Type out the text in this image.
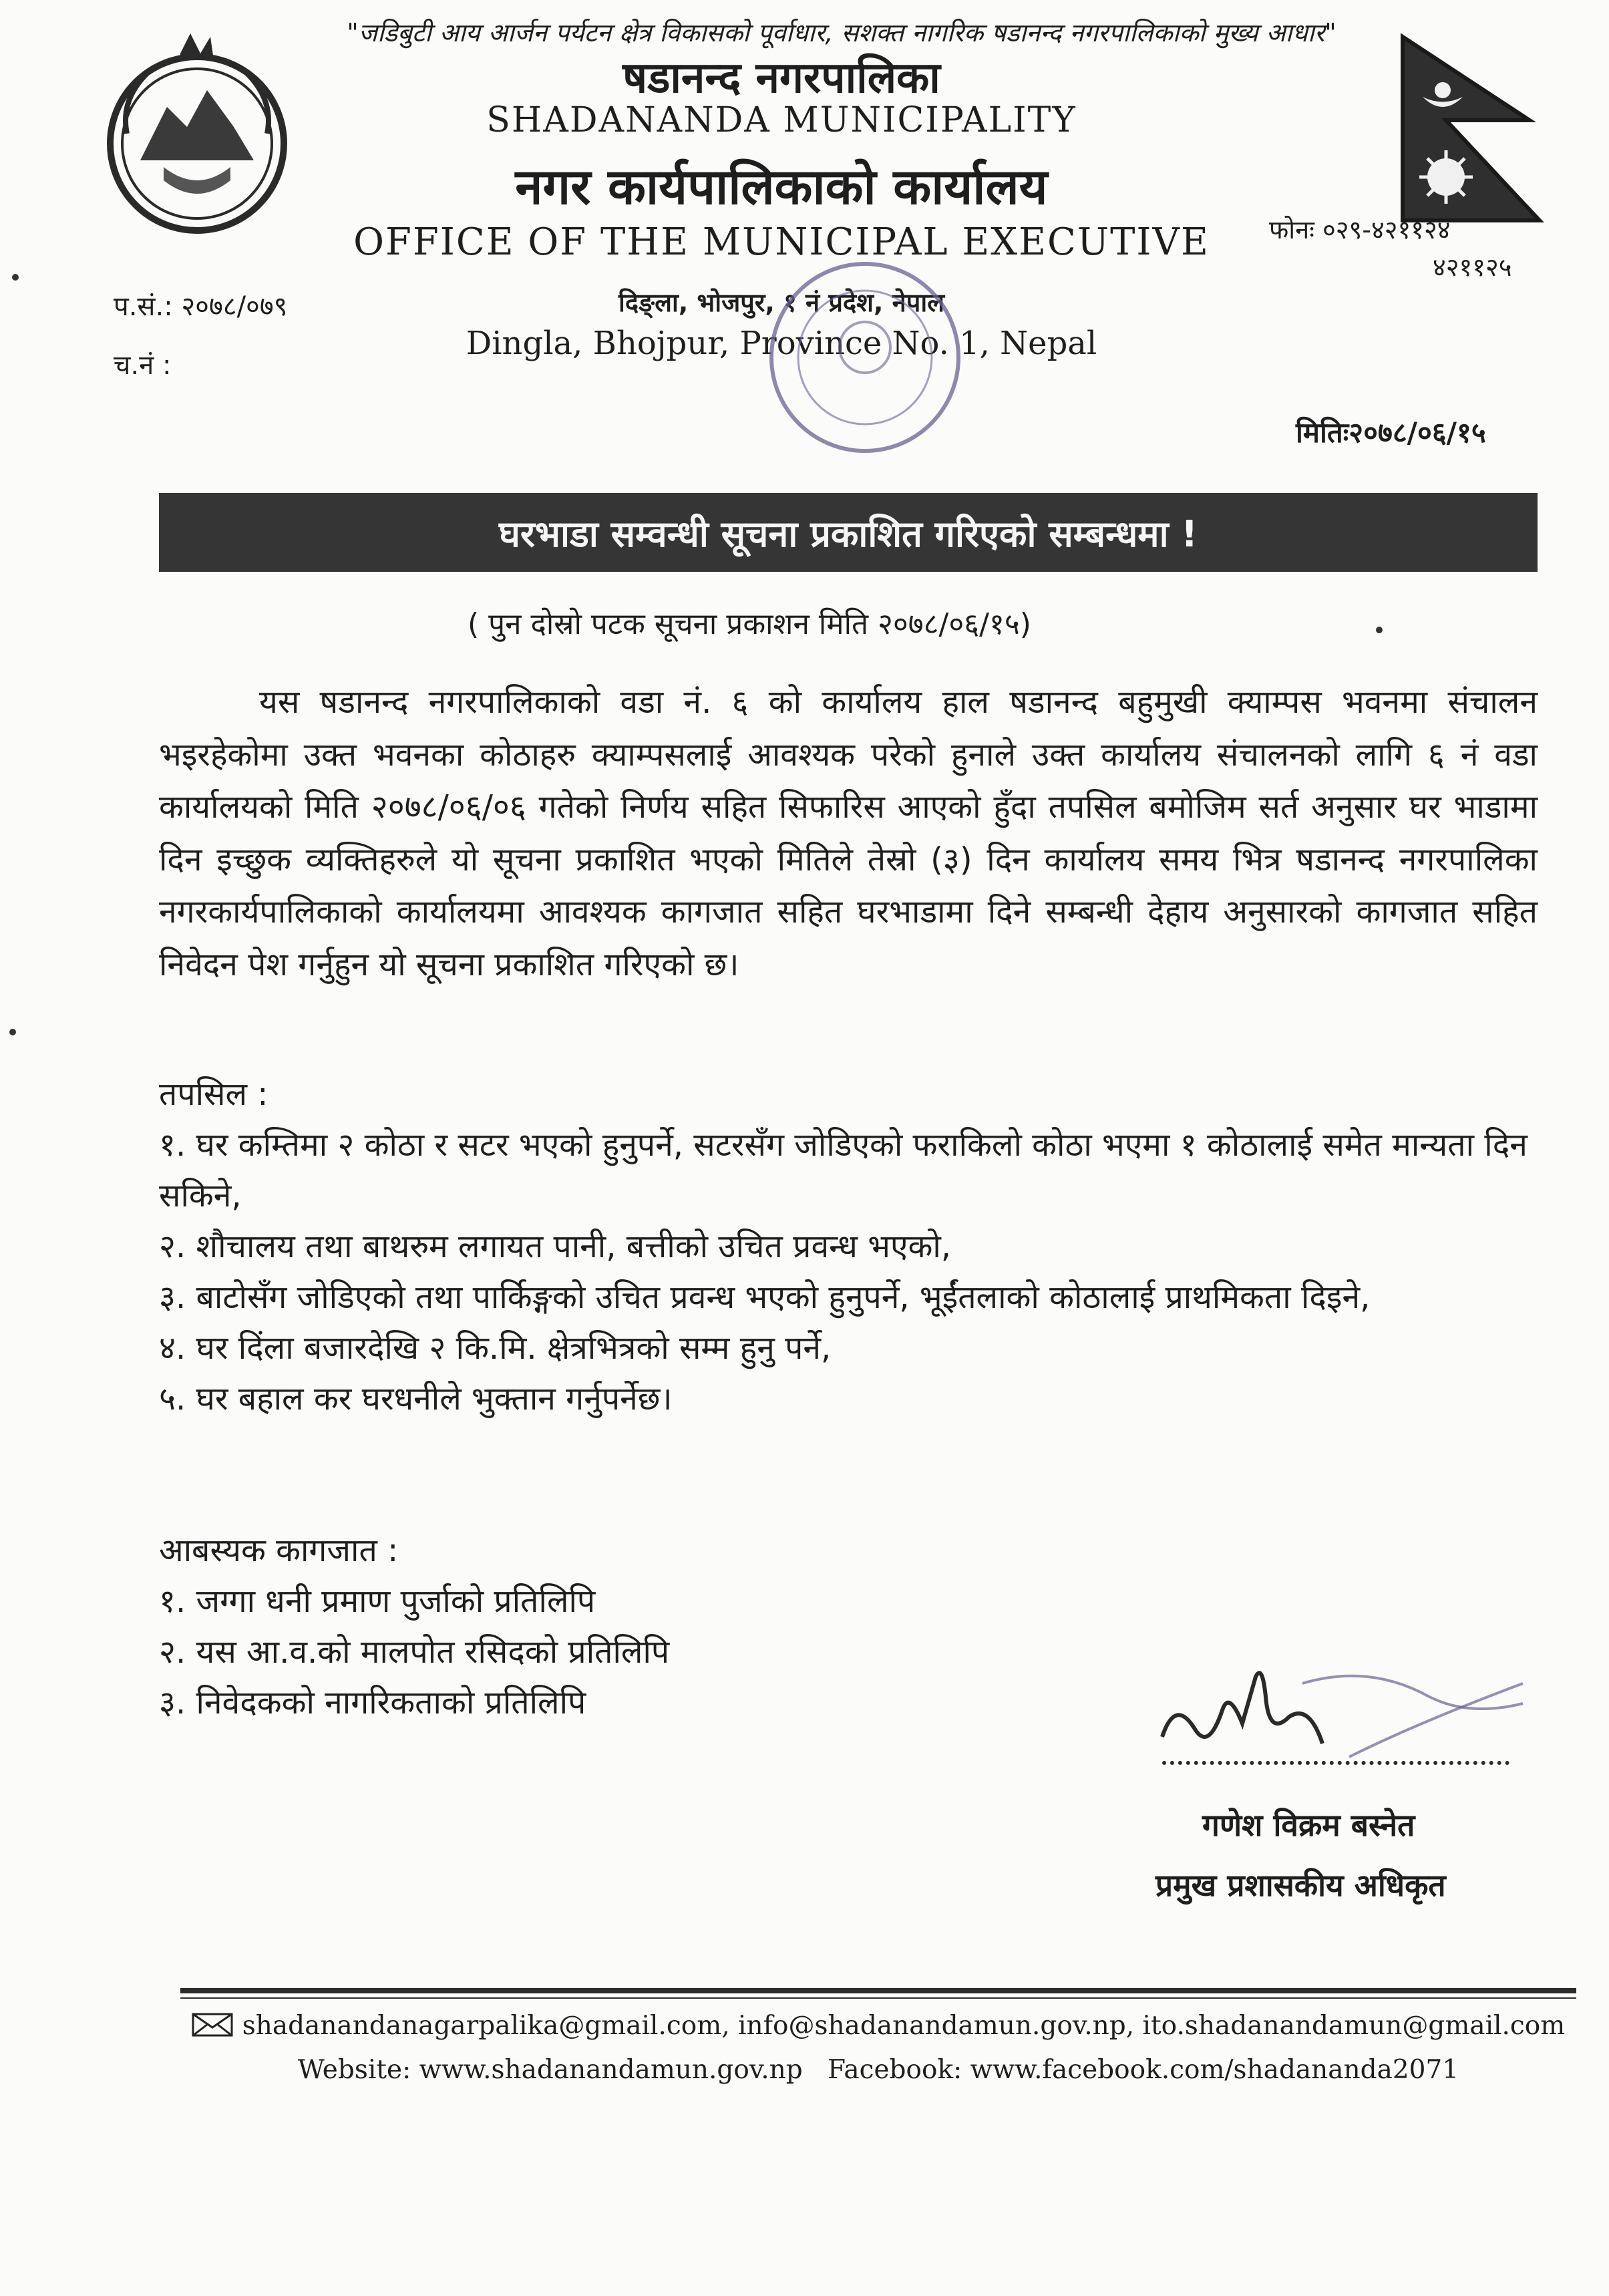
"जडिबुटी आय आर्जन पर्यटन क्षेत्र विकासको पूर्वाधार, सशक्त नागरिक षडानन्द नगरपालिकाको मुख्य आधार"
षडानन्द नगरपालिका
SHADANANDA MUNICIPALITY
नगर कार्यपालिकाको कार्यालय
OFFICE OF THE MUNICIPAL EXECUTIVE
दिङ्ला, भोजपुर, १ नं प्रदेश, नेपाल
Dingla, Bhojpur, Province No. 1, Nepal
फोनः ०२९-४२११२४
४२११२५
प.सं.: २०७८/०७९
च.नं :
मितिः२०७८/०६/१५
घरभाडा सम्वन्धी सूचना प्रकाशित गरिएको सम्बन्धमा !
( पुन दोस्रो पटक सूचना प्रकाशन मिति २०७८/०६/१५)

यस षडानन्द नगरपालिकाको वडा नं. ६ को कार्यालय हाल षडानन्द बहुमुखी क्याम्पस भवनमा संचालन भइरहेकोमा उक्त भवनका कोठाहरु क्याम्पसलाई आवश्यक परेको हुनाले उक्त कार्यालय संचालनको लागि ६ नं वडा कार्यालयको मिति २०७८/०६/०६ गतेको निर्णय सहित सिफारिस आएको हुँदा तपसिल बमोजिम सर्त अनुसार घर भाडामा दिन इच्छुक व्यक्तिहरुले यो सूचना प्रकाशित भएको मितिले तेस्रो (३) दिन कार्यालय समय भित्र षडानन्द नगरपालिका नगरकार्यपालिकाको कार्यालयमा आवश्यक कागजात सहित घरभाडामा दिने सम्बन्धी देहाय अनुसारको कागजात सहित निवेदन पेश गर्नुहुन यो सूचना प्रकाशित गरिएको छ।

तपसिल :
१. घर कम्तिमा २ कोठा र सटर भएको हुनुपर्ने, सटरसँग जोडिएको फराकिलो कोठा भएमा १ कोठालाई समेत मान्यता दिन सकिने,
२. शौचालय तथा बाथरुम लगायत पानी, बत्तीको उचित प्रवन्ध भएको,
३. बाटोसँग जोडिएको तथा पार्किङ्गको उचित प्रवन्ध भएको हुनुपर्ने, भूईंतलाको कोठालाई प्राथमिकता दिइने,
४. घर दिंला बजारदेखि २ कि.मि. क्षेत्रभित्रको सम्म हुनु पर्ने,
५. घर बहाल कर घरधनीले भुक्तान गर्नुपर्नेछ।
आबस्यक कागजात :
१. जग्गा धनी प्रमाण पुर्जाको प्रतिलिपि
२. यस आ.व.को मालपोत रसिदको प्रतिलिपि
३. निवेदकको नागरिकताको प्रतिलिपि
गणेश विक्रम बस्नेत
प्रमुख प्रशासकीय अधिकृत
shadanandanagarpalika@gmail.com, info@shadanandamun.gov.np, ito.shadanandamun@gmail.com
Website: www.shadanandamun.gov.np   Facebook: www.facebook.com/shadananda2071
